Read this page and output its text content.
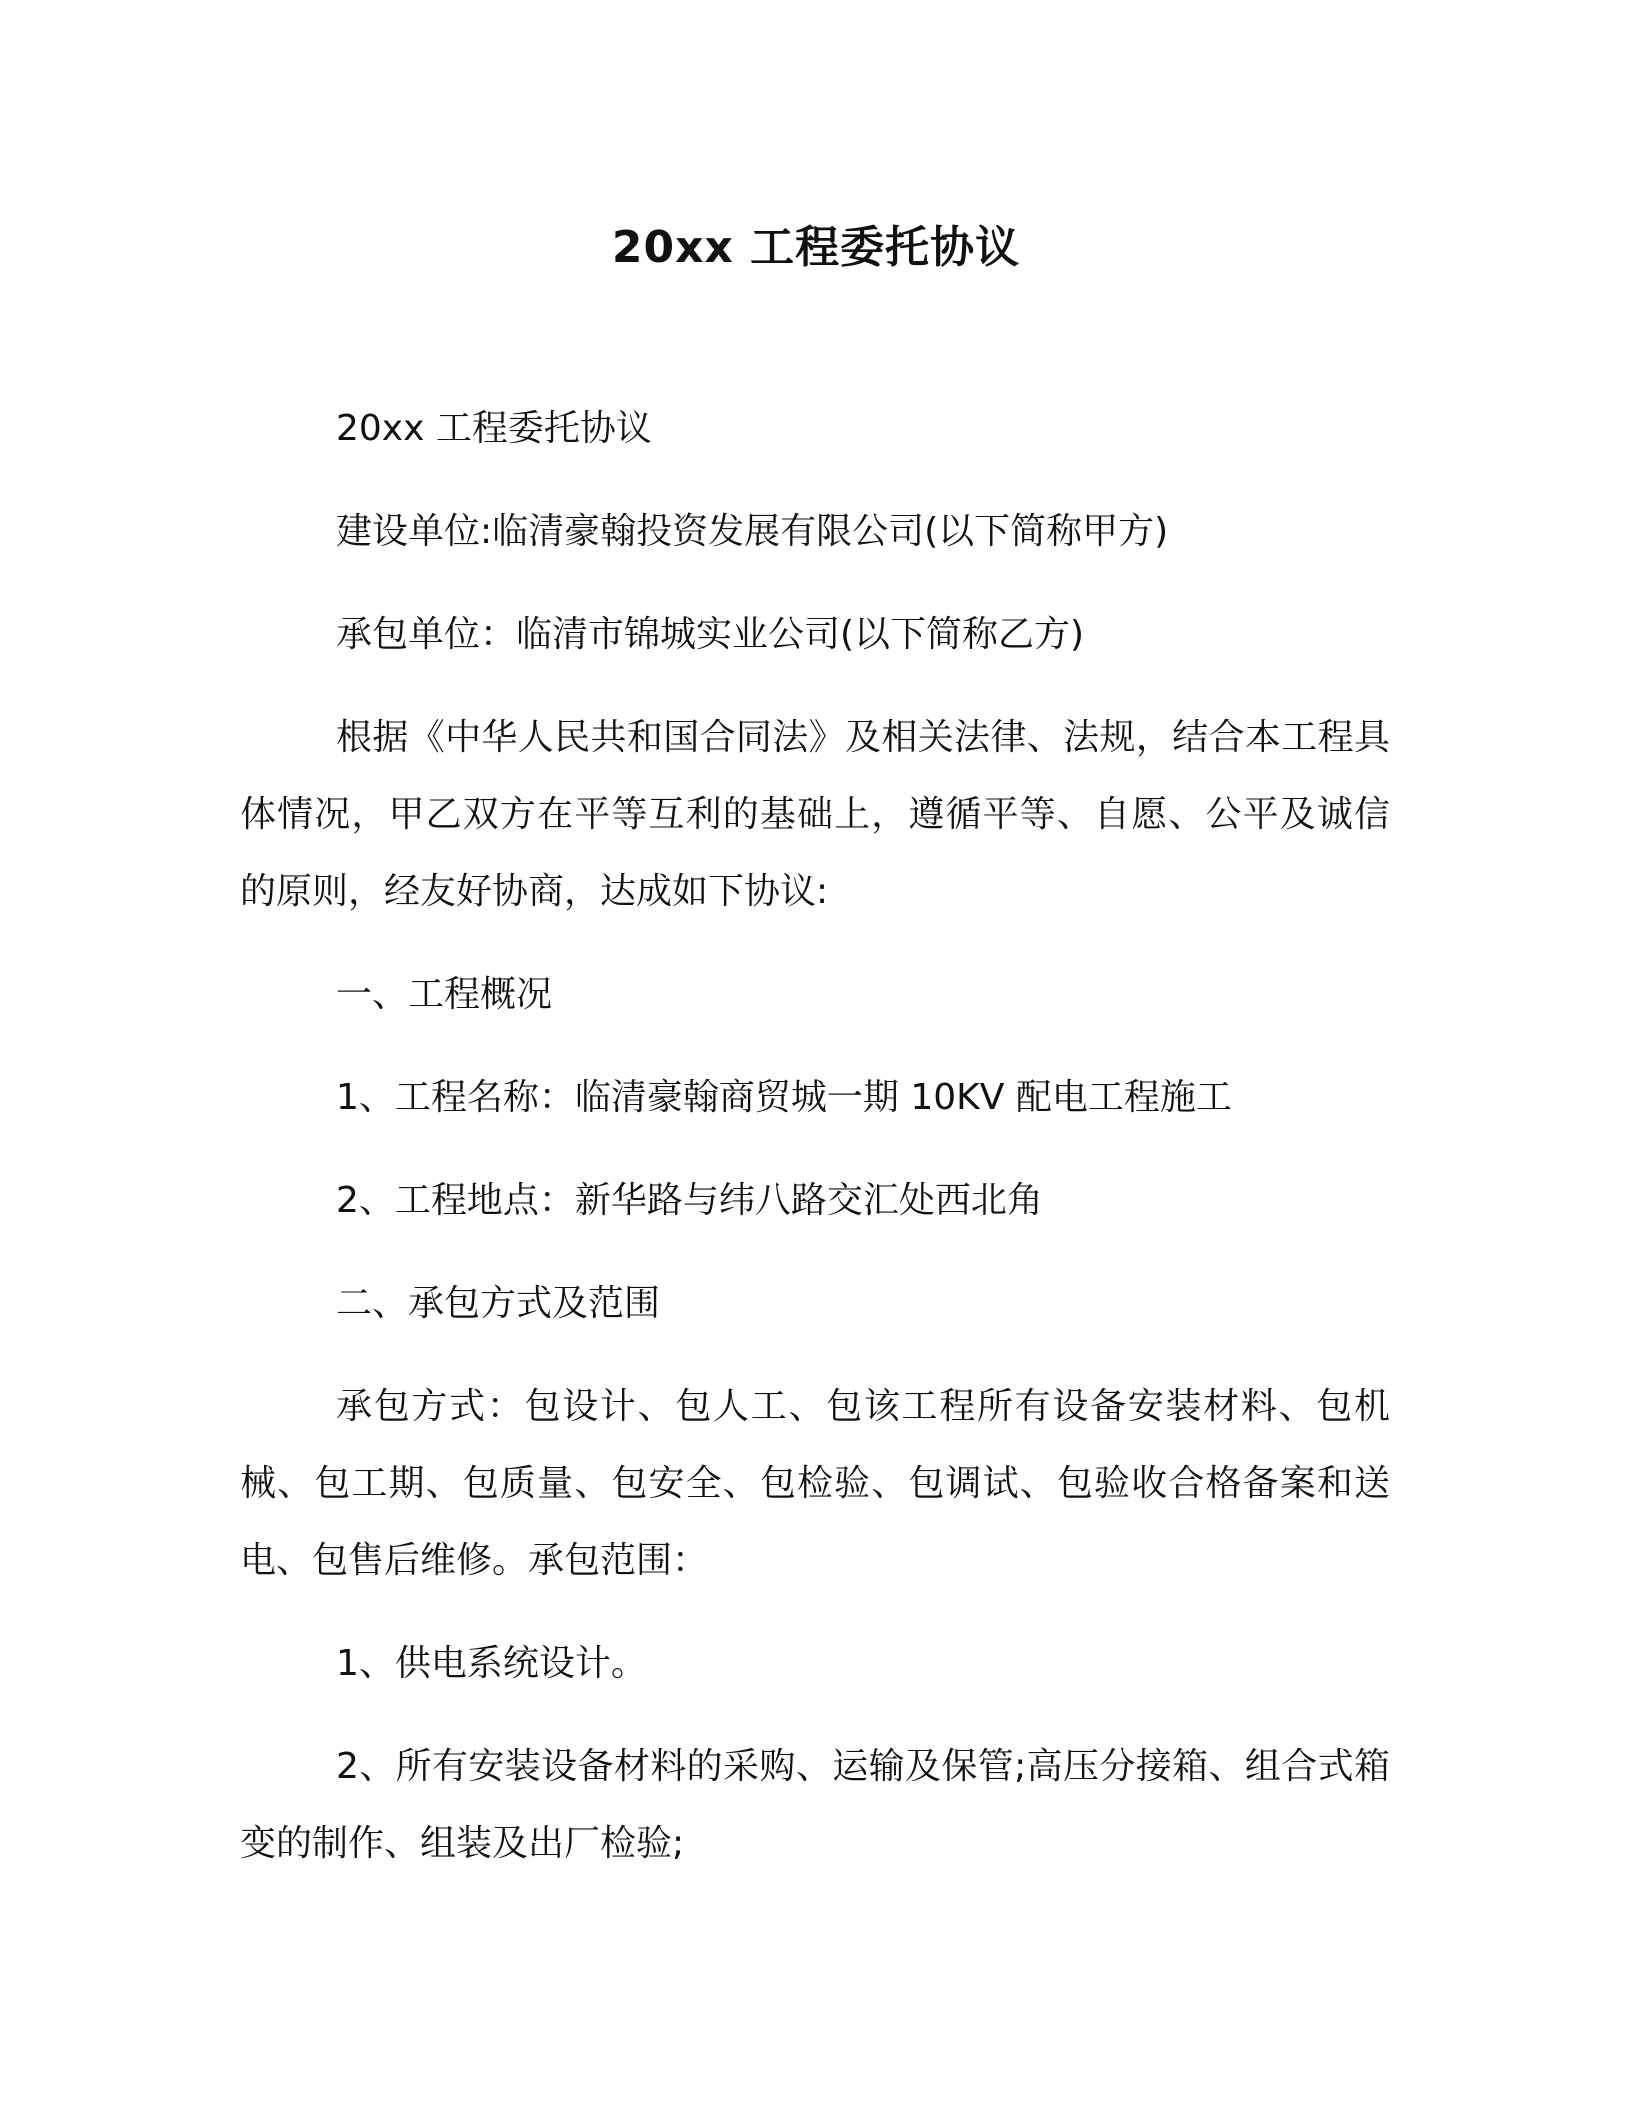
20xx 工程委托协议

20xx 工程委托协议

建设单位:临清豪翰投资发展有限公司(以下简称甲方)

承包单位：临清市锦城实业公司(以下简称乙方)

根据《中华人民共和国合同法》及相关法律、法规，结合本工程具体情况，甲乙双方在平等互利的基础上，遵循平等、自愿、公平及诚信的原则，经友好协商，达成如下协议:

一、工程概况

1、工程名称：临清豪翰商贸城一期 10KV 配电工程施工

2、工程地点：新华路与纬八路交汇处西北角

二、承包方式及范围

承包方式：包设计、包人工、包该工程所有设备安装材料、包机械、包工期、包质量、包安全、包检验、包调试、包验收合格备案和送电、包售后维修。承包范围：

1、供电系统设计。

2、所有安装设备材料的采购、运输及保管;高压分接箱、组合式箱变的制作、组装及出厂检验;
